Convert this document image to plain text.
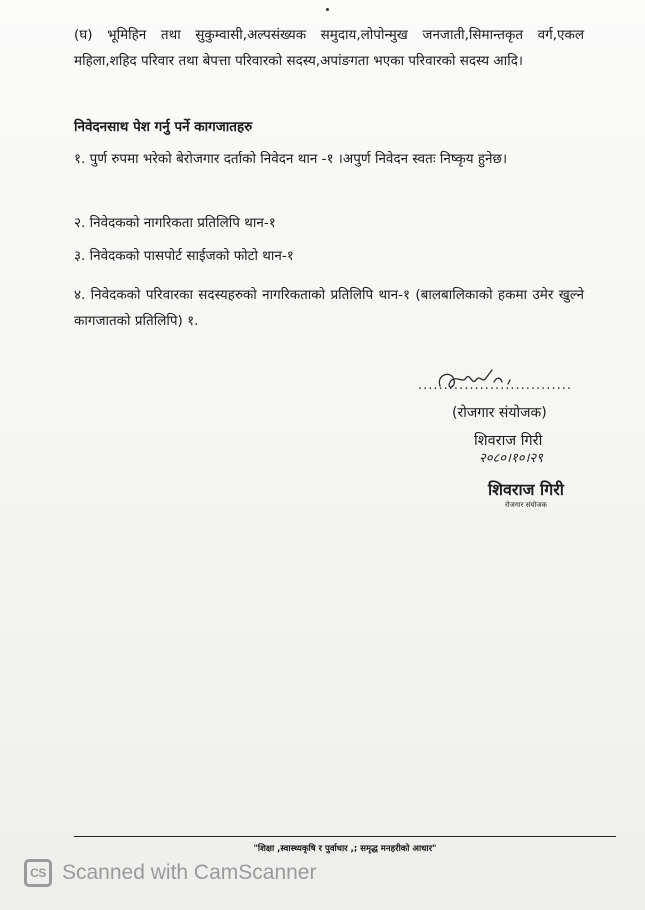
(घ) भूमिहिन तथा सुकुम्वासी,अल्पसंख्यक समुदाय,लोपोन्मुख जनजाती,सिमान्तकृत वर्ग,एकल महिला,शहिद परिवार तथा बेपत्ता परिवारको सदस्य,अपांङगता भएका परिवारको सदस्य आदि।

निवेदनसाथ पेश गर्नु पर्ने कागजातहरु
१. पुर्ण रुपमा भरेको बेरोजगार दर्ताको निवेदन थान -१ ।अपुर्ण निवेदन स्वतः निष्कृय हुनेछ।
२. निवेदकको नागरिकता प्रतिलिपि थान-१
३. निवेदकको पासपोर्ट साईजको फोटो थान-१
४. निवेदकको परिवारका सदस्यहरुको नागरिकताको प्रतिलिपि थान-१ (बालबालिकाको हकमा उमेर खुल्ने कागजातको प्रतिलिपि) १.
..............................
(रोजगार संयोजक)
शिवराज गिरी
२०८०।१०।२९
शिवराज गिरी
रोजगार संयोजक
"शिक्षा ,स्वास्थ्यकृषि र पुर्वाधार ,; समृद्ध मनहरीको आधार"
CS Scanned with CamScanner
